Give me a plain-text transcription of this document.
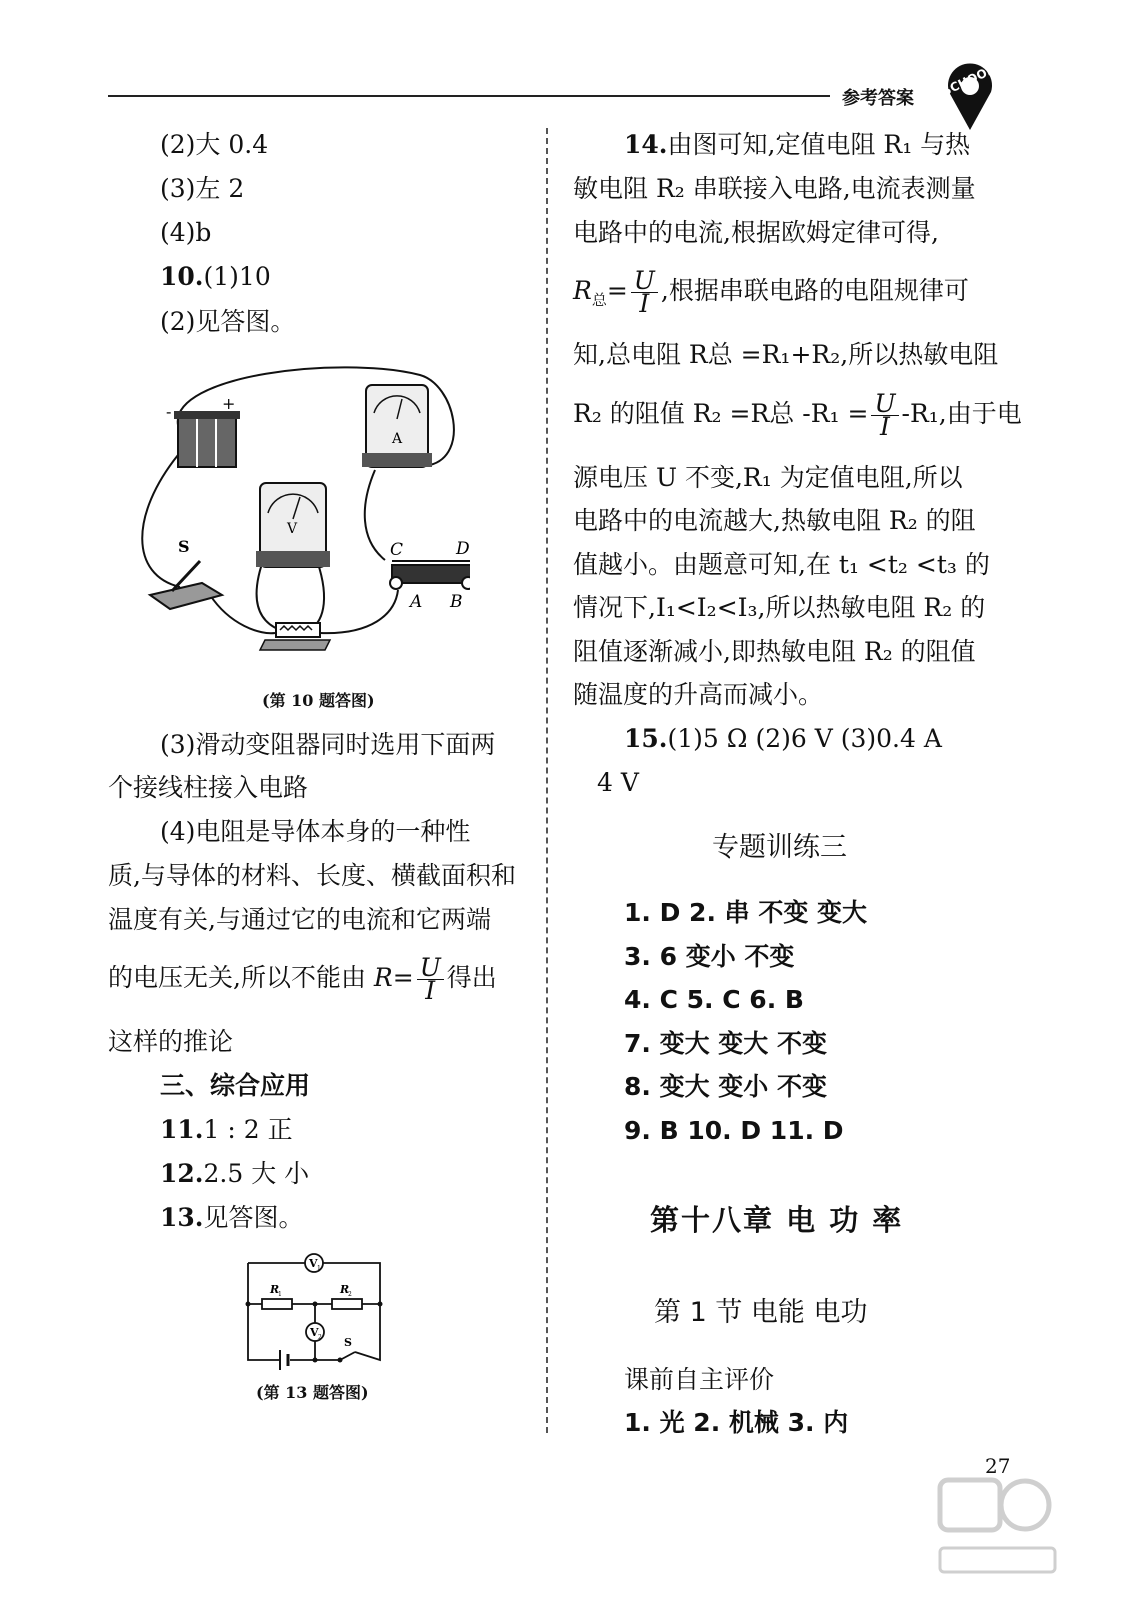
参考答案 SCHOOL
(2)大 0.4
(3)左 2
(4)b
10.(1)10
(2)见答图。
-	+
A
V
S	C	D
A B
(第 10 题答图)
(3)滑动变阻器同时选用下面两
个接线柱接入电路
(4)电阻是导体本身的一种性
质,与导体的材料、长度、横截面积和
温度有关,与通过它的电流和它两端
的电压无关,所以不能由 $R= \frac{U}{I}$ 得出
这样的推论
三、综合应用
11.1 : 2 正
12.2.5 大 小
13.见答图。
V 1
V 2
R
1	R
2
S
(第 13 题答图)
14.由图可知,定值电阻 R₁ 与热
敏电阻 R₂ 串联接入电路,电流表测量
电路中的电流,根据欧姆定律可得,
$R_总= \frac{U}{I}$ ,根据串联电路的电阻规律可
知,总电阻 R总 =R₁+R₂,所以热敏电阻
R₂ 的阻值 R₂ =R总 $-R_1 = \frac{U}{I} -R_1$,由于电
源电压 U 不变,R₁ 为定值电阻,所以
电路中的电流越大,热敏电阻 R₂ 的阻
值越小。由题意可知,在 t₁ <t₂ <t₃ 的
情况下,I₁<I₂<I₃,所以热敏电阻 R₂ 的
阻值逐渐减小,即热敏电阻 R₂ 的阻值
随温度的升高而减小。
15.(1)5 Ω (2)6 V (3)0.4 A
4 V
专题训练三
1. D 2. 串 不变 变大
3. 6 变小 不变
4. C 5. C 6. B
7. 变大 变大 不变
8. 变大 变小 不变
9. B 10. D 11. D
第十八章 电 功 率
第 1 节 电能 电功
课前自主评价
1. 光 2. 机械 3. 内
27
